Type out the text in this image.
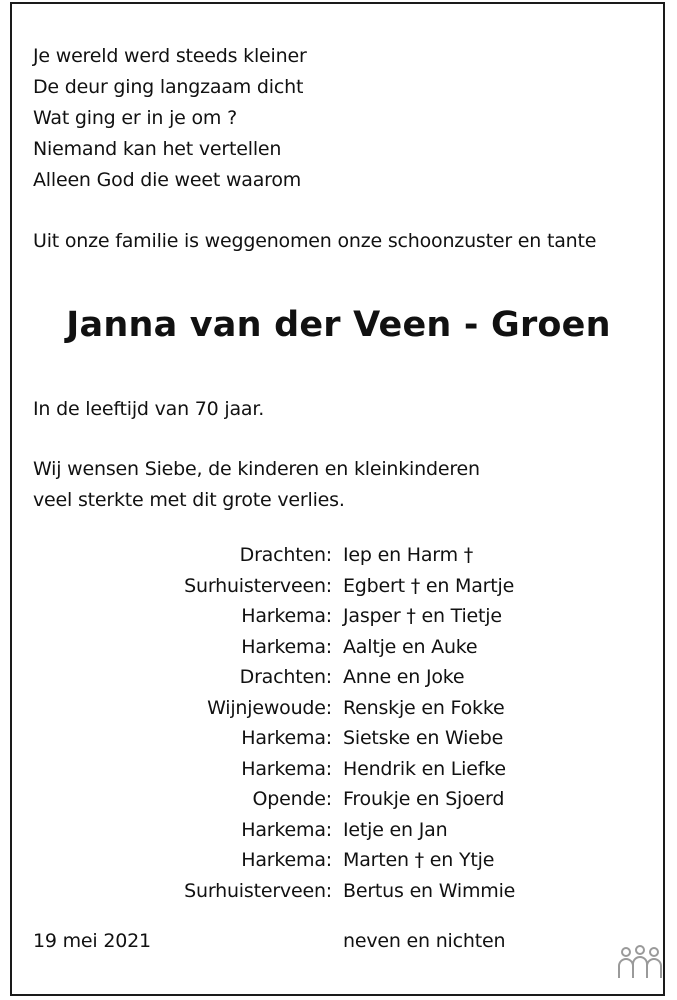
Je wereld werd steeds kleiner
De deur ging langzaam dicht
Wat ging er in je om ?
Niemand kan het vertellen
Alleen God die weet waarom
Uit onze familie is weggenomen onze schoonzuster en tante
Janna van der Veen - Groen
In de leeftijd van 70 jaar.
Wij wensen Siebe, de kinderen en kleinkinderen
veel sterkte met dit grote verlies.
Drachten: Iep en Harm †
Surhuisterveen: Egbert † en Martje
Harkema: Jasper † en Tietje
Harkema: Aaltje en Auke
Drachten: Anne en Joke
Wijnjewoude: Renskje en Fokke
Harkema: Sietske en Wiebe
Harkema: Hendrik en Liefke
Opende: Froukje en Sjoerd
Harkema: Ietje en Jan
Harkema: Marten † en Ytje
Surhuisterveen: Bertus en Wimmie
19 mei 2021	neven en nichten
